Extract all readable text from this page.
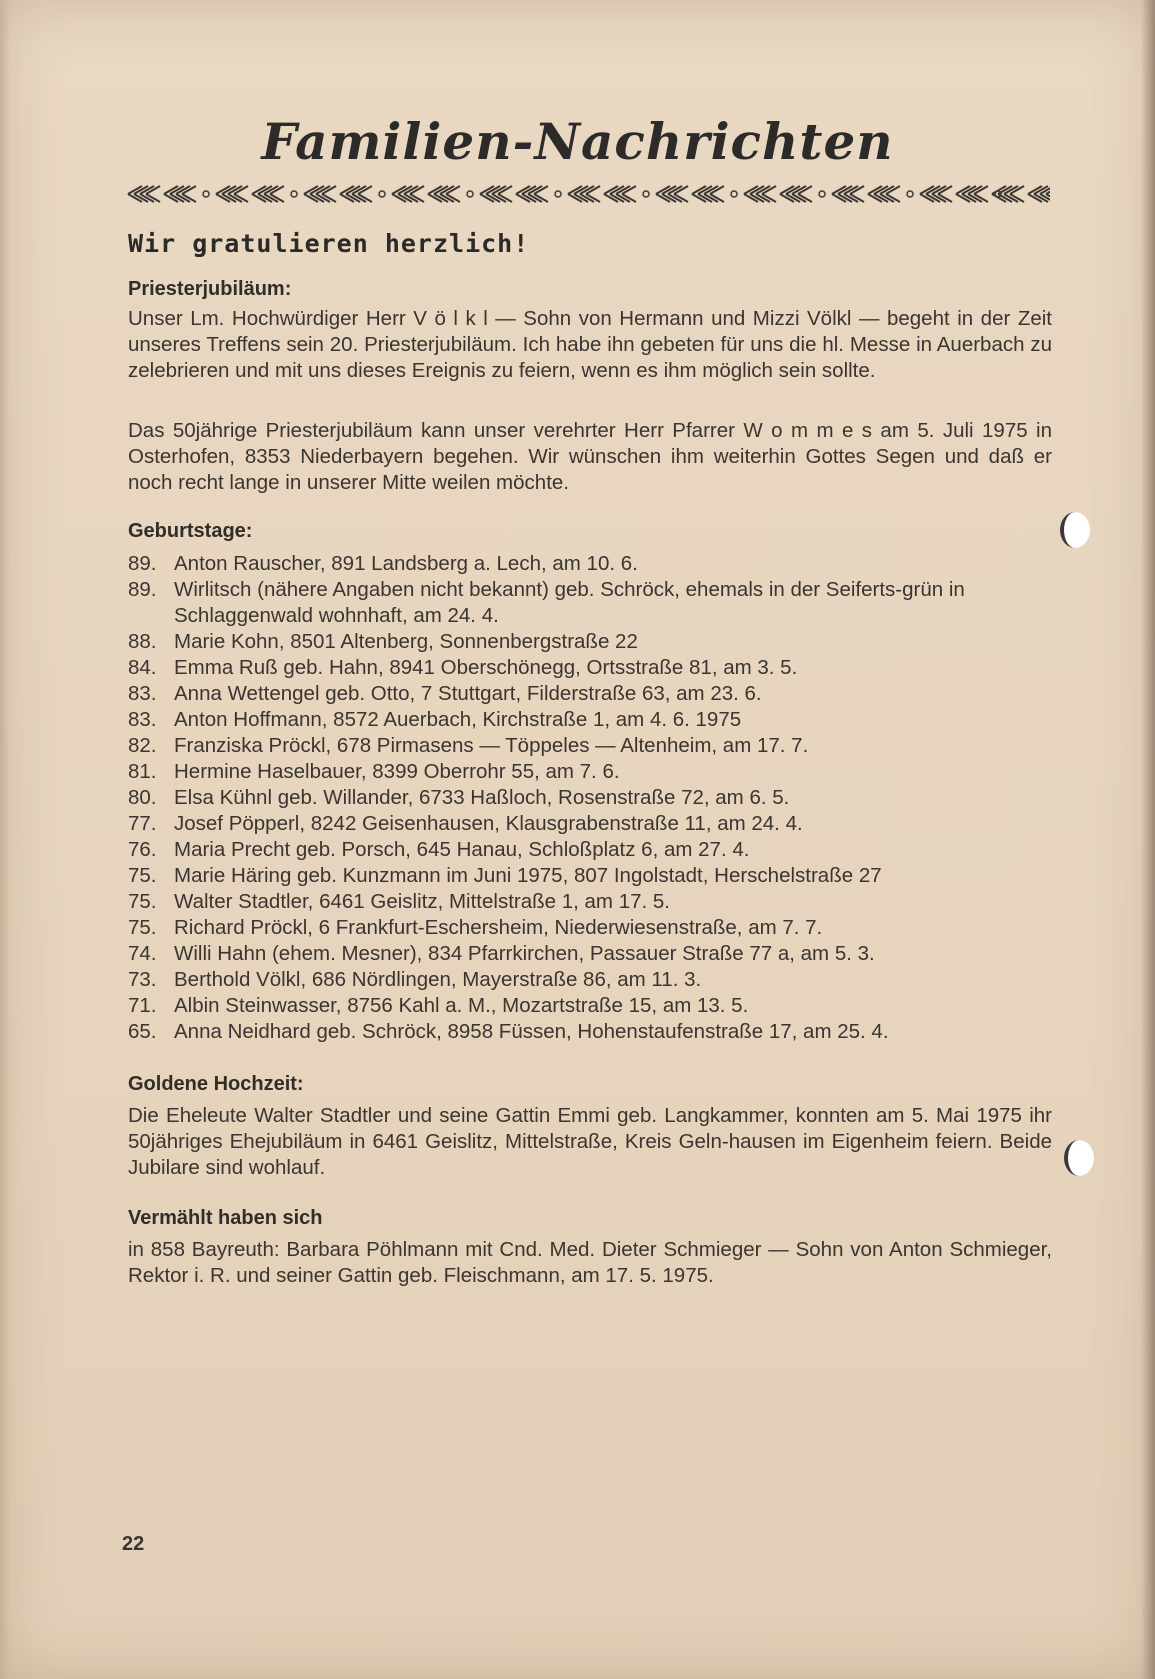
Familien-Nachrichten
Wir gratulieren herzlich!
Priesterjubiläum:

Unser Lm. Hochwürdiger Herr V ö l k l — Sohn von Hermann und Mizzi Völkl — begeht in der Zeit unseres Treffens sein 20. Priesterjubiläum. Ich habe ihn gebeten für uns die hl. Messe in Auerbach zu zelebrieren und mit uns dieses Ereignis zu feiern, wenn es ihm möglich sein sollte.

Das 50jährige Priesterjubiläum kann unser verehrter Herr Pfarrer W o m m e s am 5. Juli 1975 in Osterhofen, 8353 Niederbayern begehen. Wir wünschen ihm weiterhin Gottes Segen und daß er noch recht lange in unserer Mitte weilen möchte.

Geburtstage:
89. Anton Rauscher, 891 Landsberg a. Lech, am 10. 6.
89. Wirlitsch (nähere Angaben nicht bekannt) geb. Schröck, ehemals in der Seiferts-grün in Schlaggenwald wohnhaft, am 24. 4.
88. Marie Kohn, 8501 Altenberg, Sonnenbergstraße 22
84. Emma Ruß geb. Hahn, 8941 Oberschönegg, Ortsstraße 81, am 3. 5.
83. Anna Wettengel geb. Otto, 7 Stuttgart, Filderstraße 63, am 23. 6.
83. Anton Hoffmann, 8572 Auerbach, Kirchstraße 1, am 4. 6. 1975
82. Franziska Pröckl, 678 Pirmasens — Töppeles — Altenheim, am 17. 7.
81. Hermine Haselbauer, 8399 Oberrohr 55, am 7. 6.
80. Elsa Kühnl geb. Willander, 6733 Haßloch, Rosenstraße 72, am 6. 5.
77. Josef Pöpperl, 8242 Geisenhausen, Klausgrabenstraße 11, am 24. 4.
76. Maria Precht geb. Porsch, 645 Hanau, Schloßplatz 6, am 27. 4.
75. Marie Häring geb. Kunzmann im Juni 1975, 807 Ingolstadt, Herschelstraße 27
75. Walter Stadtler, 6461 Geislitz, Mittelstraße 1, am 17. 5.
75. Richard Pröckl, 6 Frankfurt-Eschersheim, Niederwiesenstraße, am 7. 7.
74. Willi Hahn (ehem. Mesner), 834 Pfarrkirchen, Passauer Straße 77 a, am 5. 3.
73. Berthold Völkl, 686 Nördlingen, Mayerstraße 86, am 11. 3.
71. Albin Steinwasser, 8756 Kahl a. M., Mozartstraße 15, am 13. 5.
65. Anna Neidhard geb. Schröck, 8958 Füssen, Hohenstaufenstraße 17, am 25. 4.
Goldene Hochzeit:

Die Eheleute Walter Stadtler und seine Gattin Emmi geb. Langkammer, konnten am 5. Mai 1975 ihr 50jähriges Ehejubiläum in 6461 Geislitz, Mittelstraße, Kreis Geln-hausen im Eigenheim feiern. Beide Jubilare sind wohlauf.

Vermählt haben sich

in 858 Bayreuth: Barbara Pöhlmann mit Cnd. Med. Dieter Schmieger — Sohn von Anton Schmieger, Rektor i. R. und seiner Gattin geb. Fleischmann, am 17. 5. 1975.

22
